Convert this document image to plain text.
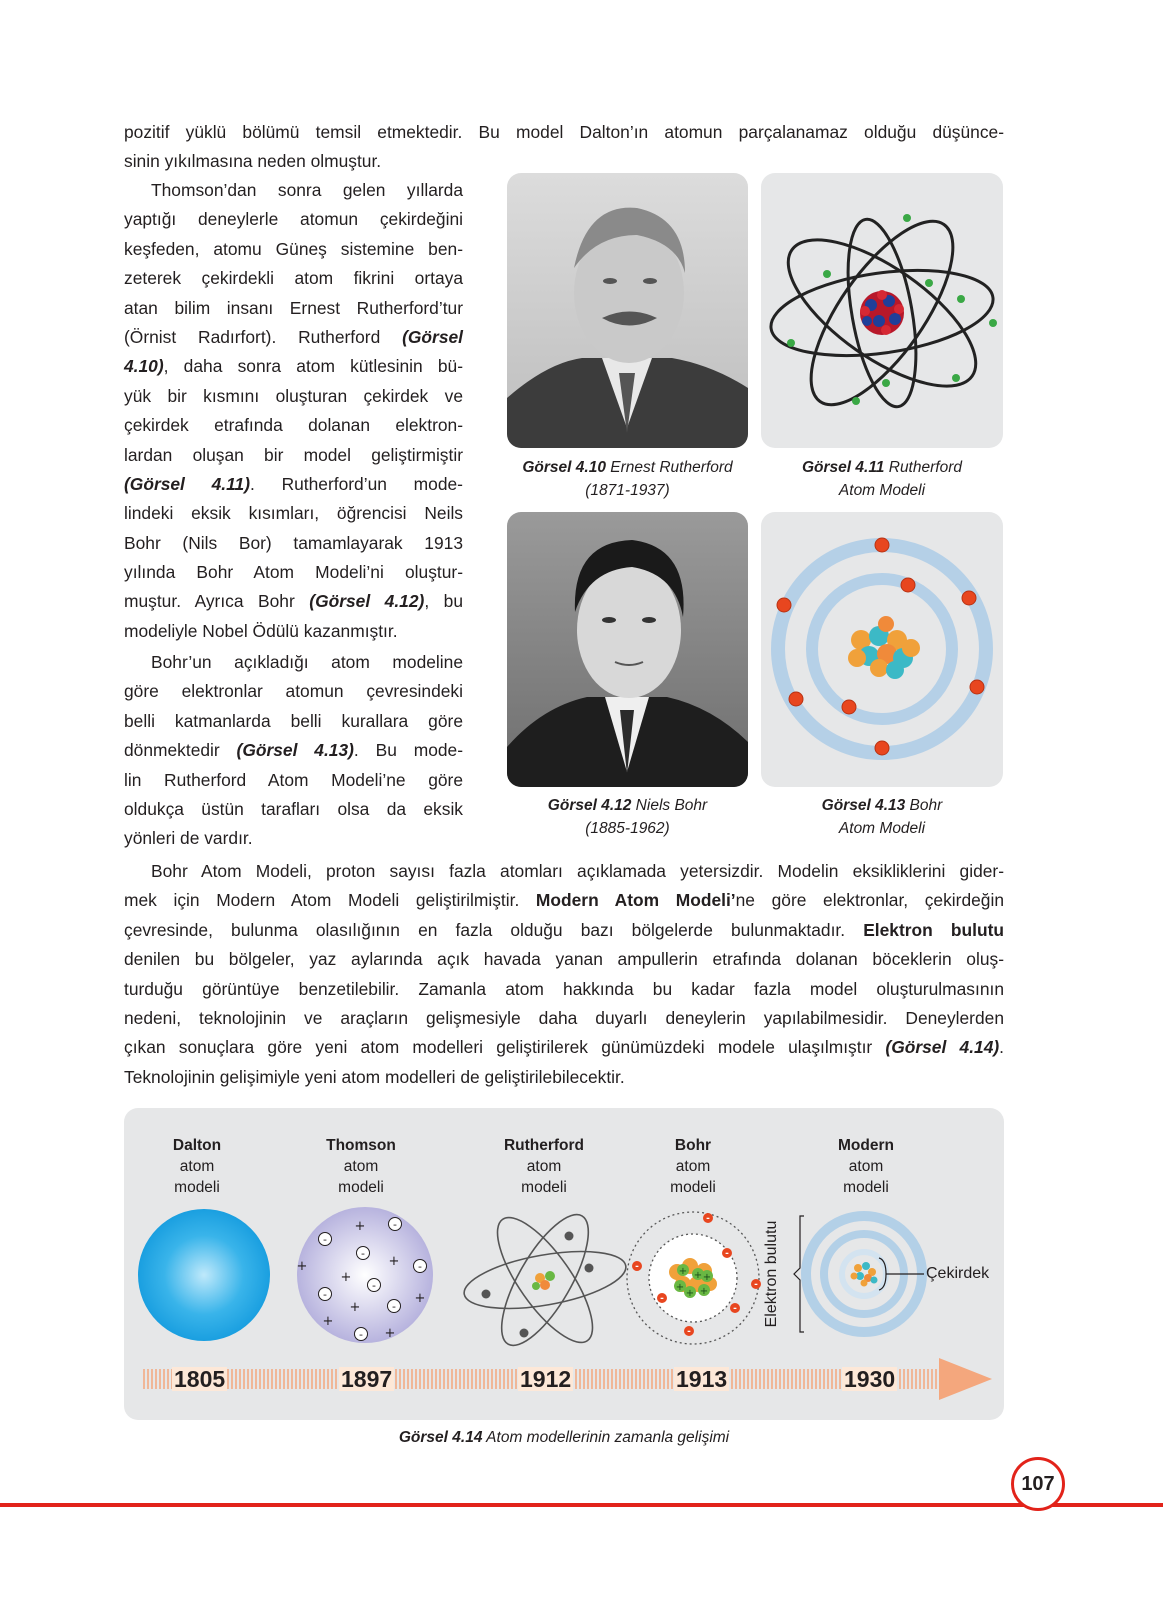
pozitif yüklü bölümü temsil etmektedir. Bu model Dalton’ın atomun parçalanamaz olduğu düşünce-
sinin yıkılmasına neden olmuştur.
Thomson’dan sonra gelen yıllarda
yaptığı deneylerle atomun çekirdeğini
keşfeden, atomu Güneş sistemine ben-
zeterek çekirdekli atom fikrini ortaya
atan bilim insanı Ernest Rutherford’tur
(Örnist Radırfort). Rutherford (Görsel
4.10), daha sonra atom kütlesinin bü-
yük bir kısmını oluşturan çekirdek ve
çekirdek etrafında dolanan elektron-
lardan oluşan bir model geliştirmiştir
(Görsel 4.11). Rutherford’un mode-
lindeki eksik kısımları, öğrencisi Neils
Bohr (Nils Bor) tamamlayarak 1913
yılında Bohr Atom Modeli’ni oluştur-
muştur. Ayrıca Bohr (Görsel 4.12), bu
modeliyle Nobel Ödülü kazanmıştır.
Bohr’un açıkladığı atom modeline
göre elektronlar atomun çevresindeki
belli katmanlarda belli kurallara göre
dönmektedir (Görsel 4.13). Bu mode-
lin Rutherford Atom Modeli’ne göre
oldukça üstün tarafları olsa da eksik
yönleri de vardır.
Görsel 4.10 Ernest Rutherford
(1871-1937)
Görsel 4.11 Rutherford
Atom Modeli
Görsel 4.12 Niels Bohr
(1885-1962)
Görsel 4.13 Bohr
Atom Modeli
Bohr Atom Modeli, proton sayısı fazla atomları açıklamada yetersizdir. Modelin eksikliklerini gider-
mek için Modern Atom Modeli geliştirilmiştir. Modern Atom Modeli’ne göre elektronlar, çekirdeğin
çevresinde, bulunma olasılığının en fazla olduğu bazı bölgelerde bulunmaktadır. Elektron bulutu
denilen bu bölgeler, yaz aylarında açık havada yanan ampullerin etrafında dolanan böceklerin oluş-
turduğu görüntüye benzetilebilir. Zamanla atom hakkında bu kadar fazla model oluşturulmasının
nedeni, teknolojinin ve araçların gelişmesiyle daha duyarlı deneylerin yapılabilmesidir. Deneylerden
çıkan sonuçlara göre yeni atom modelleri geliştirilerek günümüzdeki modele ulaşılmıştır (Görsel 4.14).
Teknolojinin gelişimiyle yeni atom modelleri de geliştirilebilecektir.
Dalton
atom
modeli
Thomson
atom
modeli
Rutherford
atom
modeli
Bohr
atom
modeli
Modern
atom
modeli
+
+	+
+
+
+
+
+
-
-
-
-
-
-
-
-
+ +
+
+
+
+
-
-
-
-
-
-
-
Elektron bulutu	Çekirdek
1805	1897	1912	1913	1930
Görsel 4.14 Atom modellerinin zamanla gelişimi
107
